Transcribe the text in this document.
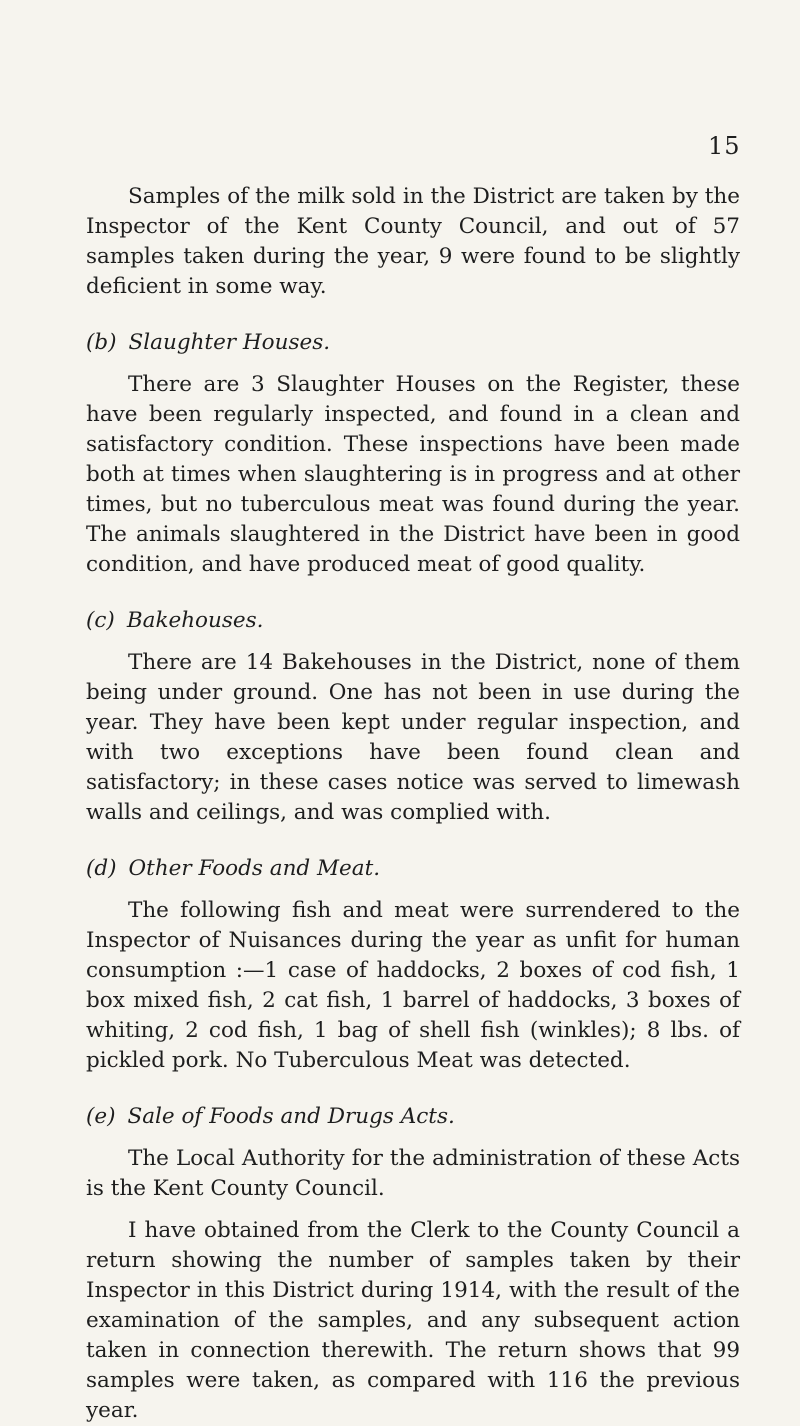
15

Samples of the milk sold in the District are taken by the Inspector of the Kent County Council, and out of 57 samples taken during the year, 9 were found to be slightly deficient in some way.

(b) Slaughter Houses.

There are 3 Slaughter Houses on the Register, these have been regularly inspected, and found in a clean and satisfactory condition. These inspections have been made both at times when slaughtering is in progress and at other times, but no tuberculous meat was found during the year. The animals slaughtered in the District have been in good condition, and have produced meat of good quality.

(c) Bakehouses.

There are 14 Bakehouses in the District, none of them being under ground. One has not been in use during the year. They have been kept under regular inspection, and with two exceptions have been found clean and satisfactory; in these cases notice was served to limewash walls and ceilings, and was complied with.

(d) Other Foods and Meat.

The following fish and meat were surrendered to the Inspector of Nuisances during the year as unfit for human consumption :—1 case of haddocks, 2 boxes of cod fish, 1 box mixed fish, 2 cat fish, 1 barrel of haddocks, 3 boxes of whiting, 2 cod fish, 1 bag of shell fish (winkles); 8 lbs. of pickled pork. No Tuberculous Meat was detected.

(e) Sale of Foods and Drugs Acts.

The Local Authority for the administration of these Acts is the Kent County Council.

I have obtained from the Clerk to the County Council a return showing the number of samples taken by their Inspector in this District during 1914, with the result of the examination of the samples, and any subsequent action taken in connection therewith. The return shows that 99 samples were taken, as compared with 116 the previous year.
